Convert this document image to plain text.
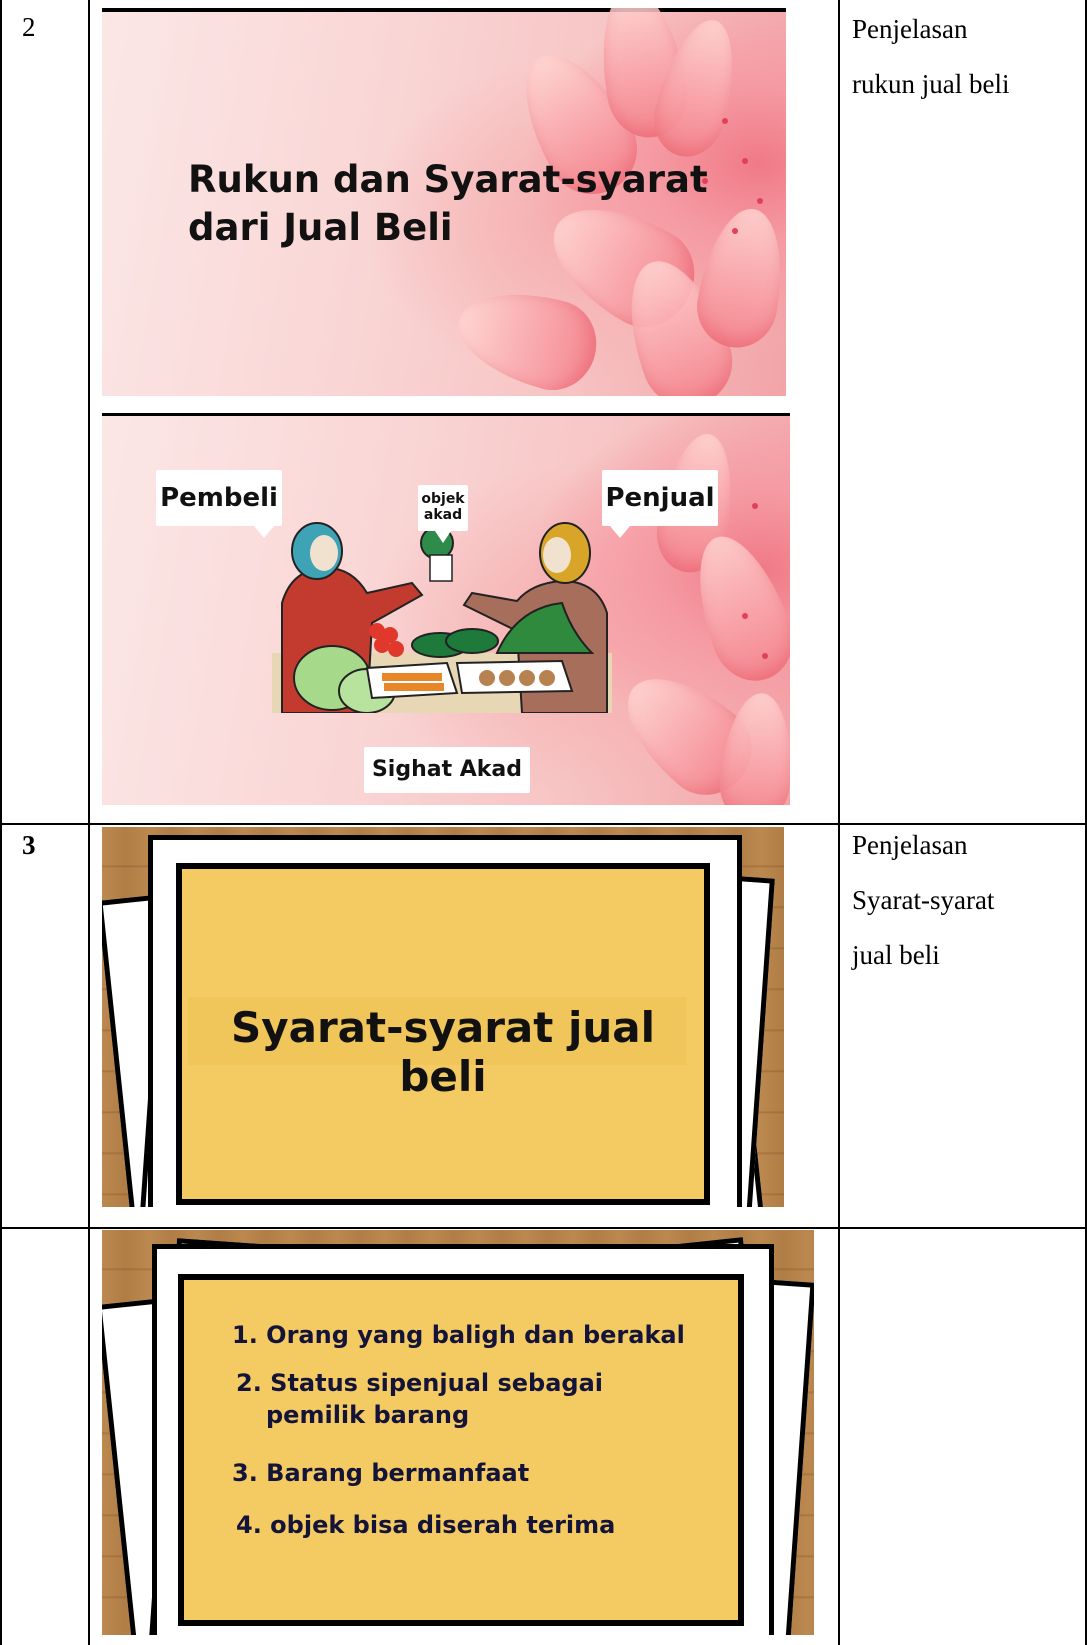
2
3
Penjelasan
rukun jual beli
Penjelasan
Syarat-syarat
jual beli
Rukun dan Syarat-syarat
dari Jual Beli
Pembeli	objek
akad
Penjual
Sighat Akad
Syarat-syarat jual beli
1. Orang yang baligh dan berakal
2. Status sipenjual sebagai
pemilik barang
3. Barang bermanfaat
4. objek bisa diserah terima
